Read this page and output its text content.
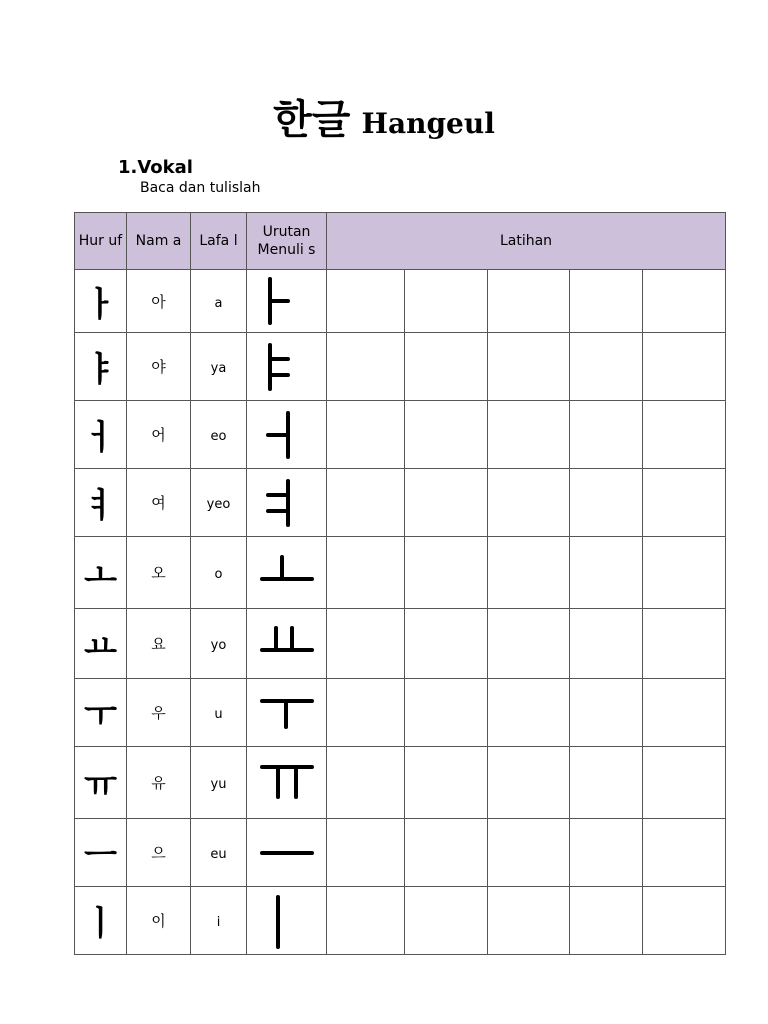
한글 Hangeul
1.Vokal
Baca dan tulislah
Hur uf	Nam a	Lafa l	Urutan Menuli s	Latihan				
ㅏ	아	a	

ㅑ	야	ya	

ㅓ	어	eo	

ㅕ	여	yeo	

ㅗ	오	o	

ㅛ	요	yo	

ㅜ	우	u	

ㅠ	유	yu	

ㅡ	으	eu	

ㅣ	이	i	
